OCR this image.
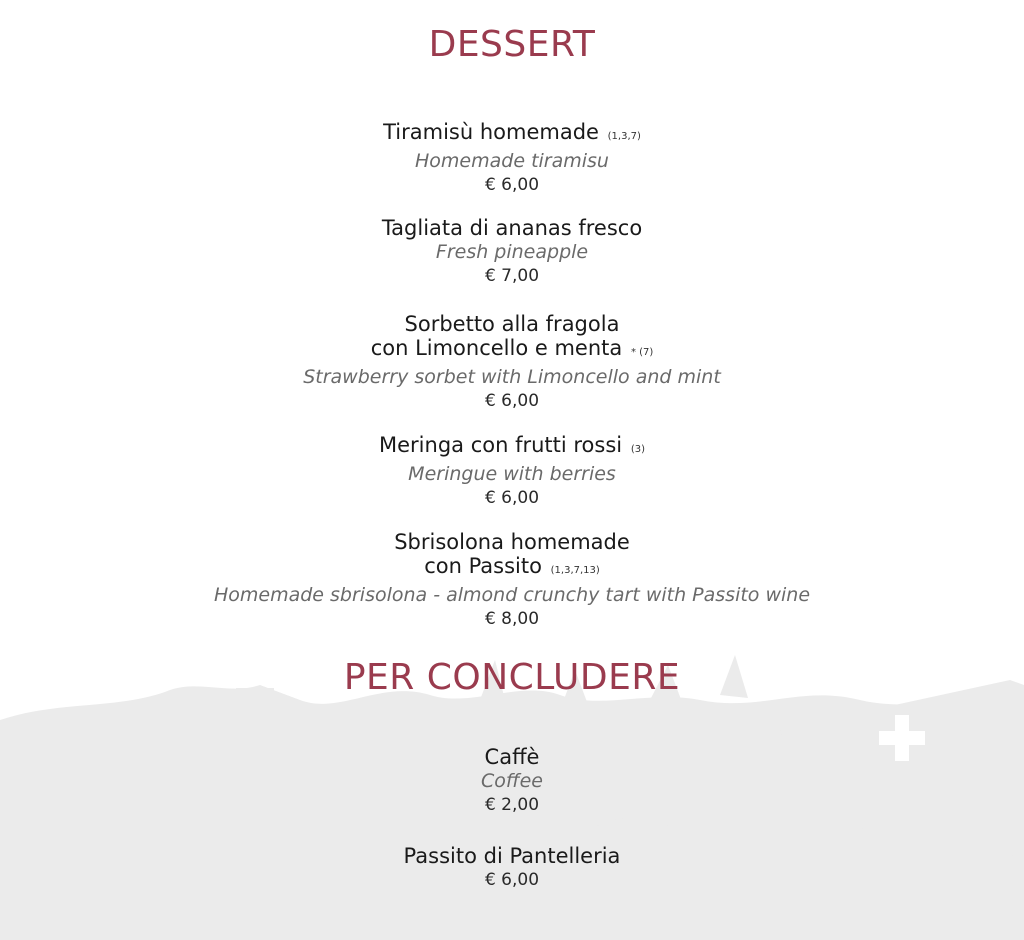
DESSERT
Tiramisù homemade (1,3,7)
Homemade tiramisu
€ 6,00
Tagliata di ananas fresco
Fresh pineapple
€ 7,00
Sorbetto alla fragola
con Limoncello e menta * (7)
Strawberry sorbet with Limoncello and mint
€ 6,00
Meringa con frutti rossi (3)
Meringue with berries
€ 6,00
Sbrisolona homemade
con Passito (1,3,7,13)
Homemade sbrisolona - almond crunchy tart with Passito wine
€ 8,00
PER CONCLUDERE
Caffè
Coffee
€ 2,00
Passito di Pantelleria
€ 6,00
